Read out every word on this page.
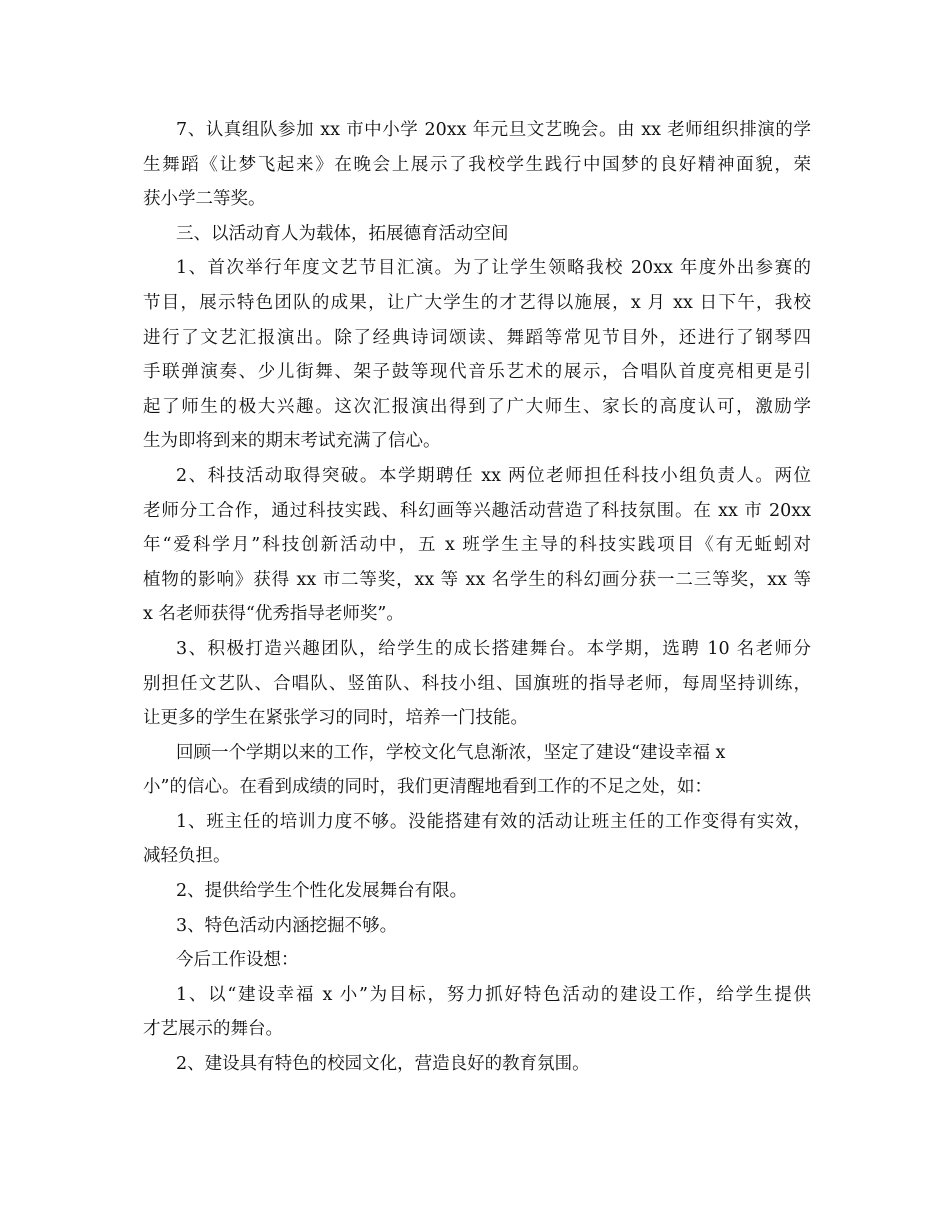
7、认真组队参加 xx 市中小学 20xx 年元旦文艺晚会。由 xx 老师组织排演的学
生舞蹈《让梦飞起来》在晚会上展示了我校学生践行中国梦的良好精神面貌，荣
获小学二等奖。
三、以活动育人为载体，拓展德育活动空间
1、首次举行年度文艺节目汇演。为了让学生领略我校 20xx 年度外出参赛的
节目，展示特色团队的成果，让广大学生的才艺得以施展，x 月 xx 日下午，我校
进行了文艺汇报演出。除了经典诗词颂读、舞蹈等常见节目外，还进行了钢琴四
手联弹演奏、少儿街舞、架子鼓等现代音乐艺术的展示，合唱队首度亮相更是引
起了师生的极大兴趣。这次汇报演出得到了广大师生、家长的高度认可，激励学
生为即将到来的期末考试充满了信心。
2、科技活动取得突破。本学期聘任 xx 两位老师担任科技小组负责人。两位
老师分工合作，通过科技实践、科幻画等兴趣活动营造了科技氛围。在 xx 市 20xx
年“爱科学月”科技创新活动中，五 x 班学生主导的科技实践项目《有无蚯蚓对
植物的影响》获得 xx 市二等奖，xx 等 xx 名学生的科幻画分获一二三等奖，xx 等
x 名老师获得“优秀指导老师奖”。
3、积极打造兴趣团队，给学生的成长搭建舞台。本学期，选聘 10 名老师分
别担任文艺队、合唱队、竖笛队、科技小组、国旗班的指导老师，每周坚持训练，
让更多的学生在紧张学习的同时，培养一门技能。
回顾一个学期以来的工作，学校文化气息渐浓，坚定了建设“建设幸福 x
小”的信心。在看到成绩的同时，我们更清醒地看到工作的不足之处，如：
1、班主任的培训力度不够。没能搭建有效的活动让班主任的工作变得有实效，
减轻负担。
2、提供给学生个性化发展舞台有限。
3、特色活动内涵挖掘不够。
今后工作设想：
1、以“建设幸福 x 小”为目标，努力抓好特色活动的建设工作，给学生提供
才艺展示的舞台。
2、建设具有特色的校园文化，营造良好的教育氛围。
